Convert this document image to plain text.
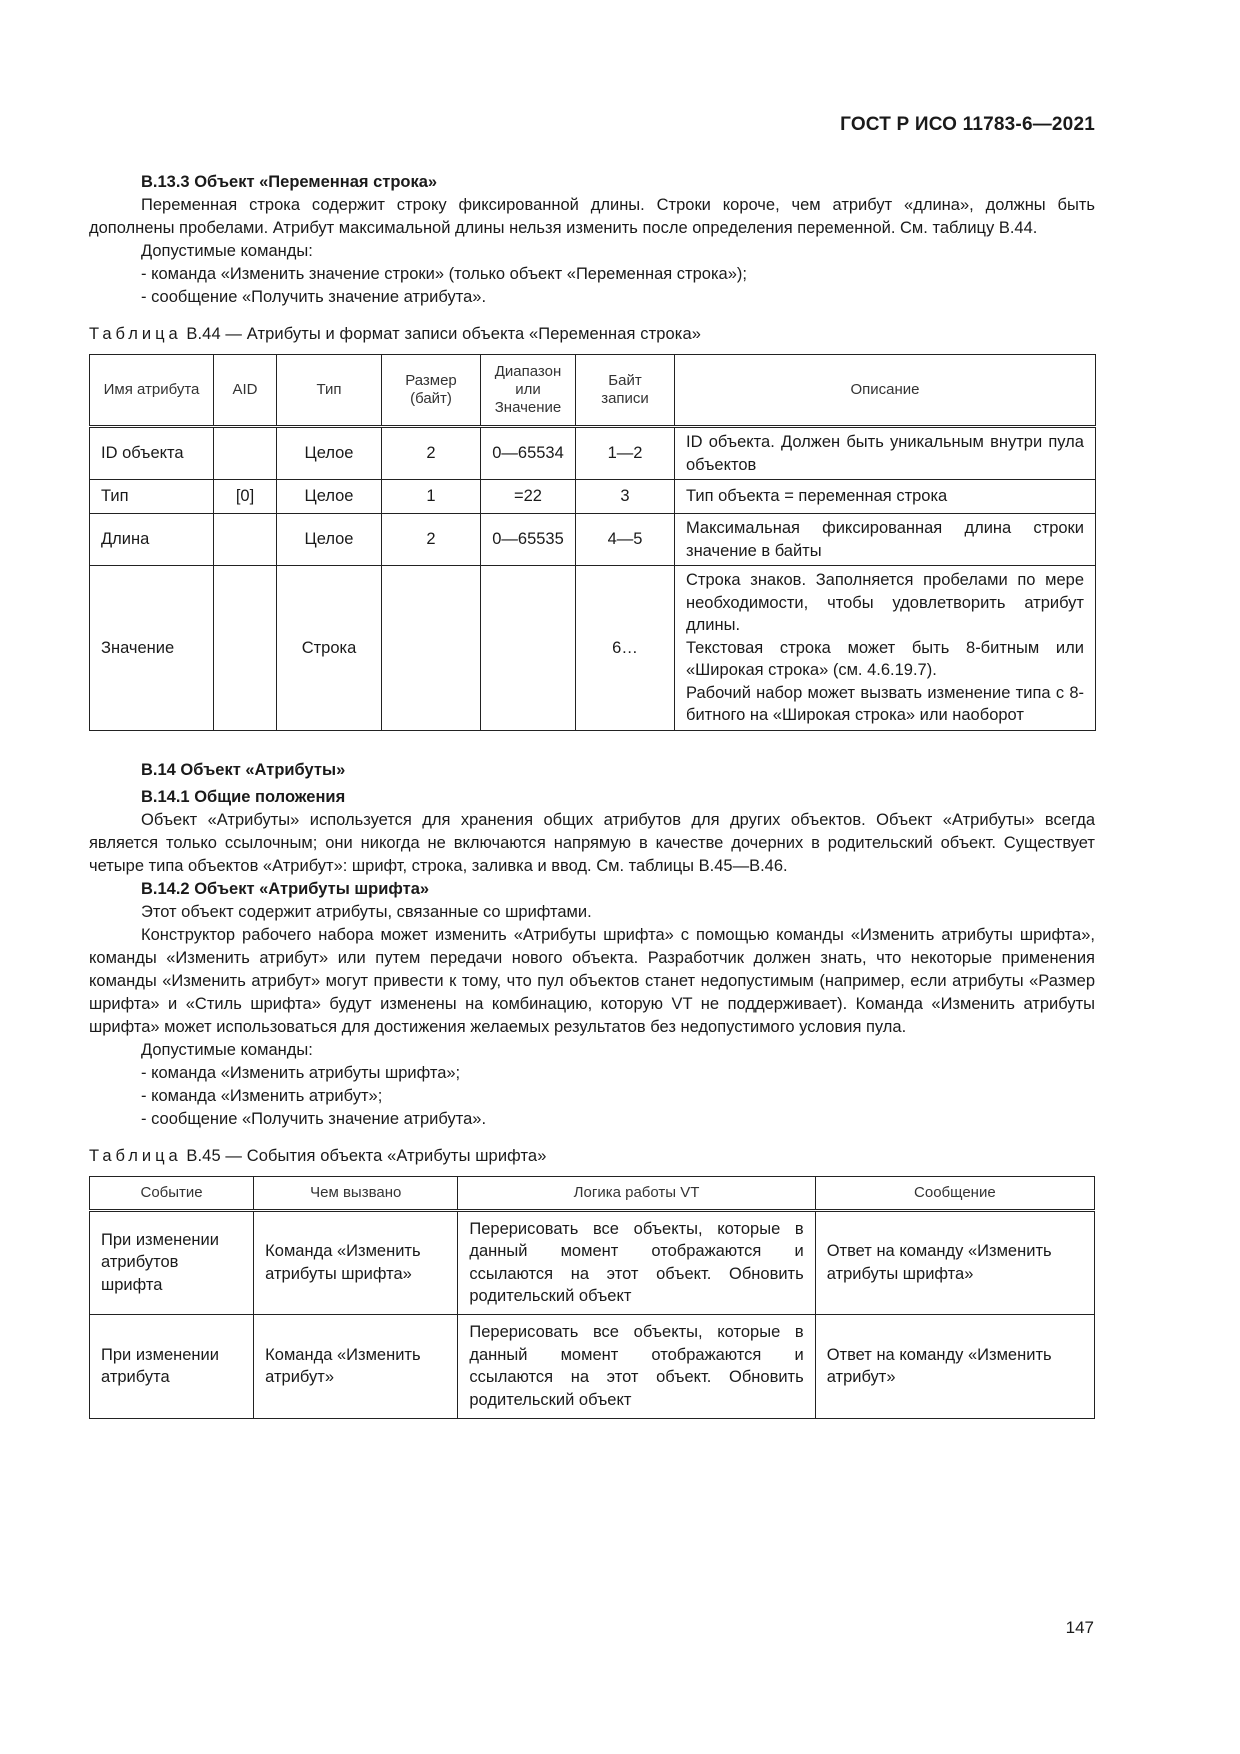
ГОСТ Р ИСО 11783-6—2021
B.13.3 Объект «Переменная строка»

Переменная строка содержит строку фиксированной длины. Строки короче, чем атрибут «длина», должны быть дополнены пробелами. Атрибут максимальной длины нельзя изменить после определения переменной. См. таблицу B.44.

Допустимые команды:
- команда «Изменить значение строки» (только объект «Переменная строка»);
- сообщение «Получить значение атрибута».
Таблица B.44 — Атрибуты и формат записи объекта «Переменная строка»
Имя атрибута	AID	Тип	Размер (байт)	Диапазон или Значение	Байт записи	Описание
ID объекта		Целое	2	0—65534	1—2	ID объекта. Должен быть уникальным внутри пула объектов
Тип	[0]	Целое	1	=22	3	Тип объекта = переменная строка
Длина		Целое	2	0—65535	4—5	Максимальная фиксированная длина строки значение в байты
Значение		Строка			6…	Строка знаков. Заполняется пробелами по мере необходимости, чтобы удовлетворить атрибут длины.
Текстовая строка может быть 8-битным или «Широкая строка» (см. 4.6.19.7).
Рабочий набор может вызвать изменение типа с 8-битного на «Широкая строка» или наоборот
B.14 Объект «Атрибуты»
B.14.1 Общие положения

Объект «Атрибуты» используется для хранения общих атрибутов для других объектов. Объект «Атрибуты» всегда является только ссылочным; они никогда не включаются напрямую в качестве дочерних в родительский объект. Существует четыре типа объектов «Атрибут»: шрифт, строка, заливка и ввод. См. таблицы B.45—B.46.

B.14.2 Объект «Атрибуты шрифта»

Этот объект содержит атрибуты, связанные со шрифтами.

Конструктор рабочего набора может изменить «Атрибуты шрифта» с помощью команды «Изменить атрибуты шрифта», команды «Изменить атрибут» или путем передачи нового объекта. Разработчик должен знать, что некоторые применения команды «Изменить атрибут» могут привести к тому, что пул объектов станет недопустимым (например, если атрибуты «Размер шрифта» и «Стиль шрифта» будут изменены на комбинацию, которую VT не поддерживает). Команда «Изменить атрибуты шрифта» может использоваться для достижения желаемых результатов без недопустимого условия пула.

Допустимые команды:
- команда «Изменить атрибуты шрифта»;
- команда «Изменить атрибут»;
- сообщение «Получить значение атрибута».
Таблица B.45 — События объекта «Атрибуты шрифта»
Событие	Чем вызвано	Логика работы VT	Сообщение
При изменении атрибутов шрифта	Команда «Изменить атрибуты шрифта»	Перерисовать все объекты, которые в данный момент отображаются и ссылаются на этот объект. Обновить родительский объект	Ответ на команду «Изменить атрибуты шрифта»
При изменении атрибута	Команда «Изменить атрибут»	Перерисовать все объекты, которые в данный момент отображаются и ссылаются на этот объект. Обновить родительский объект	Ответ на команду «Изменить атрибут»
147
